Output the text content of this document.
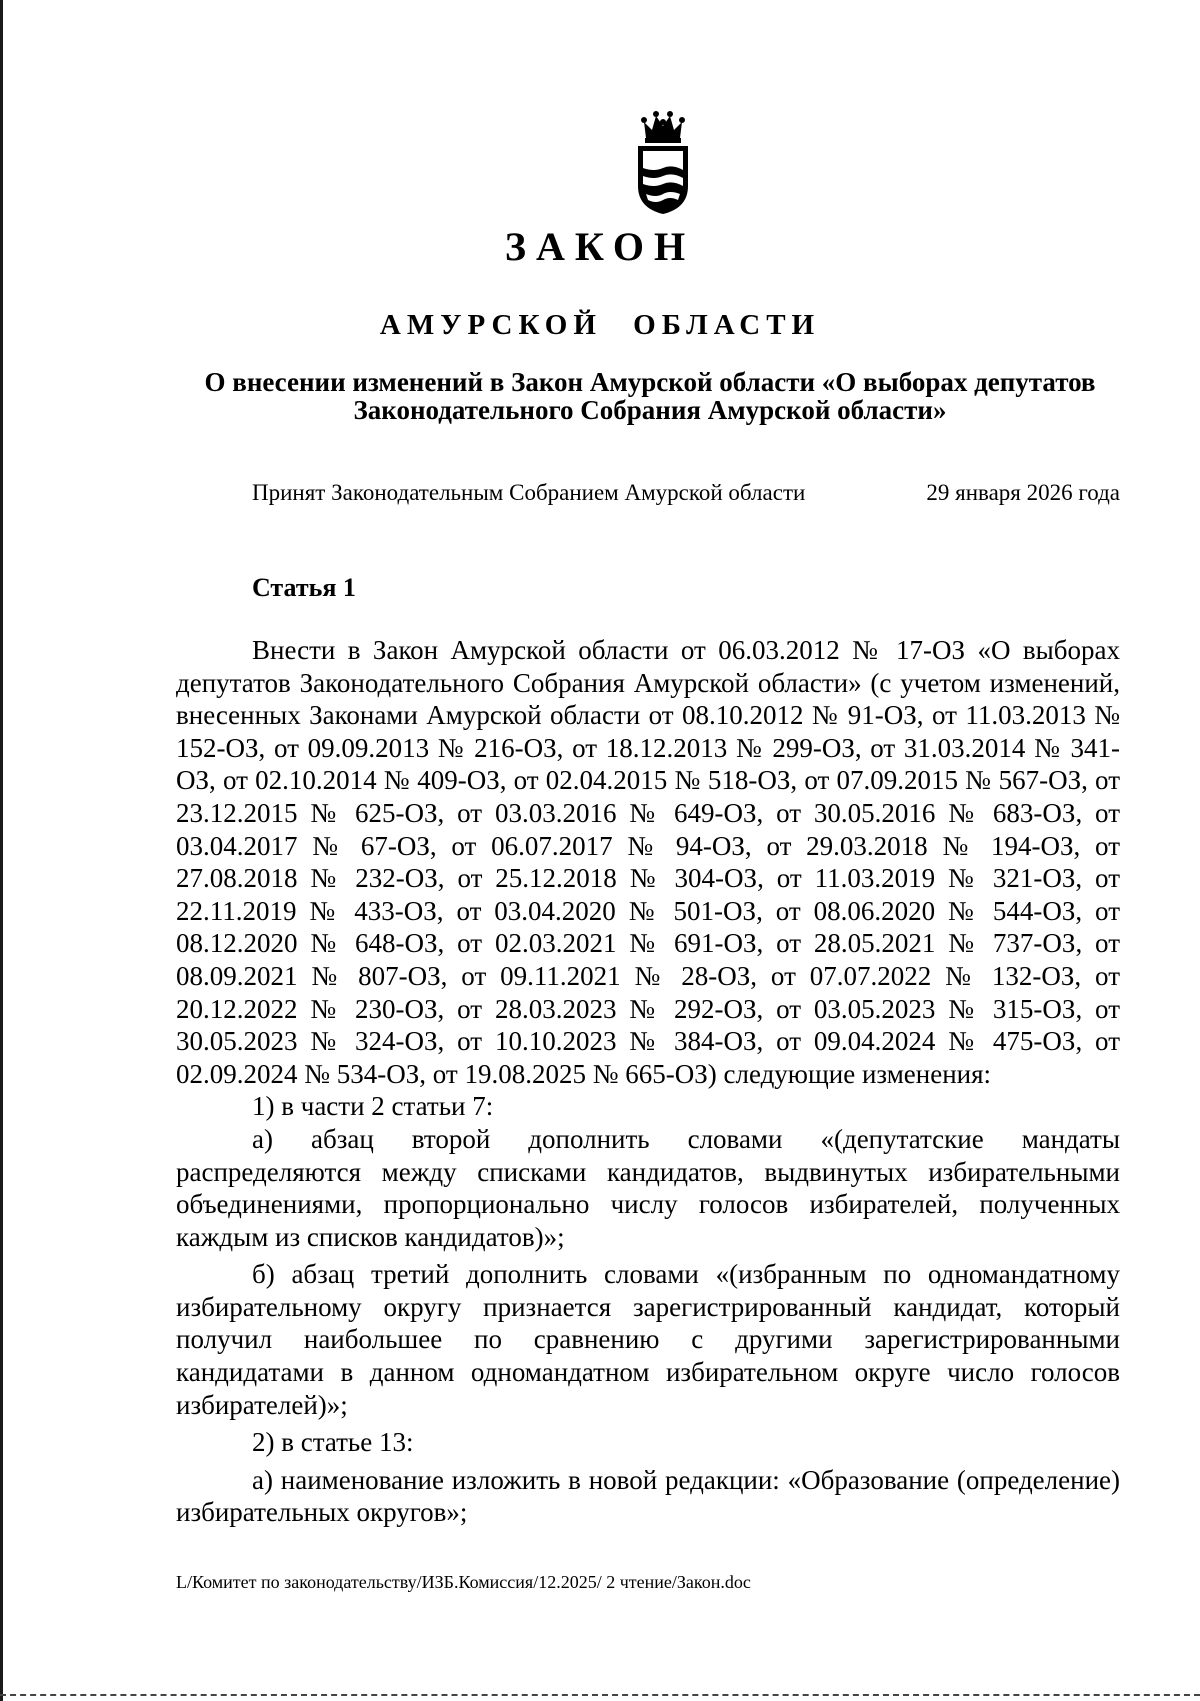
ЗАКОН
АМУРСКОЙ ОБЛАСТИ
О внесении изменений в Закон Амурской области «О выборах депутатов Законодательного Собрания Амурской области»
Принят Законодательным Собранием Амурской области	29 января 2026 года
Статья 1

Внести в Закон Амурской области от 06.03.2012 № 17-ОЗ «О выборах депутатов Законодательного Собрания Амурской области» (с учетом изменений, внесенных Законами Амурской области от 08.10.2012 № 91-ОЗ, от 11.03.2013 № 152-ОЗ, от 09.09.2013 № 216-ОЗ, от 18.12.2013 № 299-ОЗ, от 31.03.2014 № 341-ОЗ, от 02.10.2014 № 409-ОЗ, от 02.04.2015 № 518-ОЗ, от 07.09.2015 № 567-ОЗ, от 23.12.2015 № 625-ОЗ, от 03.03.2016 № 649-ОЗ, от 30.05.2016 № 683-ОЗ, от 03.04.2017 № 67-ОЗ, от 06.07.2017 № 94-ОЗ, от 29.03.2018 № 194-ОЗ, от 27.08.2018 № 232-ОЗ, от 25.12.2018 № 304-ОЗ, от 11.03.2019 № 321-ОЗ, от 22.11.2019 № 433-ОЗ, от 03.04.2020 № 501-ОЗ, от 08.06.2020 № 544-ОЗ, от 08.12.2020 № 648-ОЗ, от 02.03.2021 № 691-ОЗ, от 28.05.2021 № 737-ОЗ, от 08.09.2021 № 807-ОЗ, от 09.11.2021 № 28-ОЗ, от 07.07.2022 № 132-ОЗ, от 20.12.2022 № 230-ОЗ, от 28.03.2023 № 292-ОЗ, от 03.05.2023 № 315-ОЗ, от 30.05.2023 № 324-ОЗ, от 10.10.2023 № 384-ОЗ, от 09.04.2024 № 475-ОЗ, от 02.09.2024 № 534-ОЗ, от 19.08.2025 № 665-ОЗ) следующие изменения:

1) в части 2 статьи 7:

а) абзац второй дополнить словами «(депутатские мандаты распределяются между списками кандидатов, выдвинутых избирательными объединениями, пропорционально числу голосов избирателей, полученных каждым из списков кандидатов)»;

б) абзац третий дополнить словами «(избранным по одномандатному избирательному округу признается зарегистрированный кандидат, который получил наибольшее по сравнению с другими зарегистрированными кандидатами в данном одномандатном избирательном округе число голосов избирателей)»;

2) в статье 13:

а) наименование изложить в новой редакции: «Образование (определение) избирательных округов»;

L/Комитет по законодательству/ИЗБ.Комиссия/12.2025/ 2 чтение/Закон.doc
